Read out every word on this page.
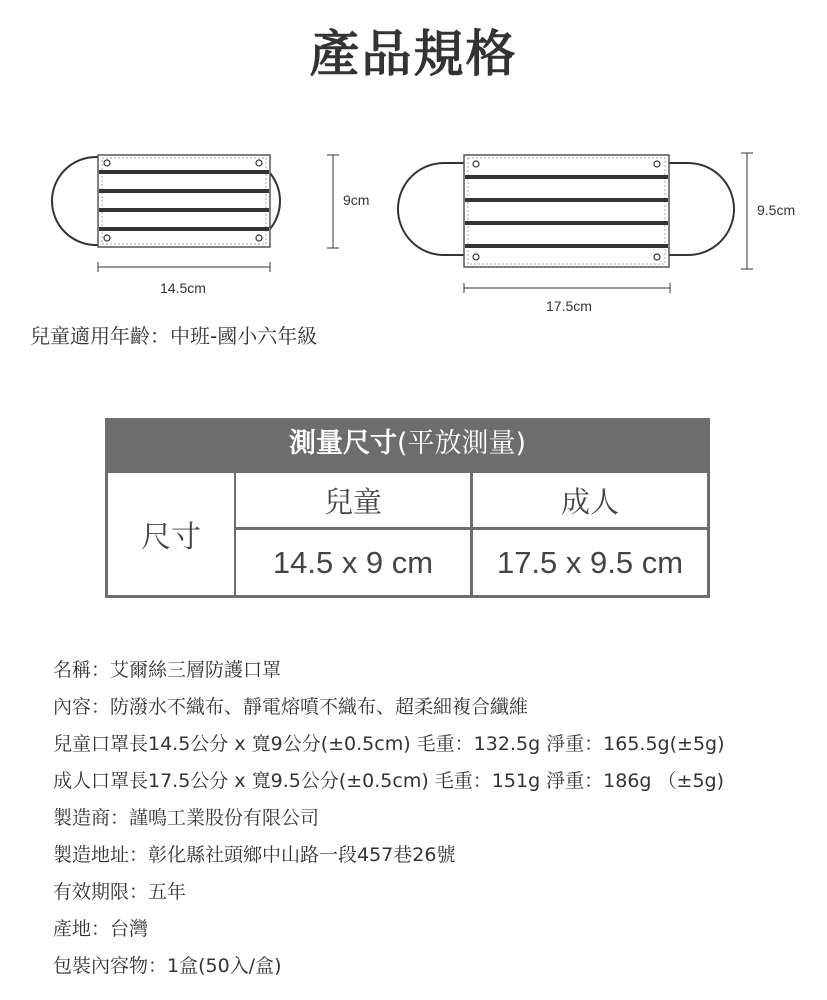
產品規格
9cm
14.5cm
9.5cm
17.5cm
兒童適用年齡：中班-國小六年級
測量尺寸(平放測量)
尺寸
兒童	成人
14.5 x 9 cm 17.5 x 9.5 cm
名稱：艾爾絲三層防護口罩
內容：防潑水不織布、靜電熔噴不織布、超柔細複合纖維
兒童口罩長14.5公分 x 寬9公分(±0.5cm) 毛重：132.5g 淨重：165.5g(±5g)
成人口罩長17.5公分 x 寬9.5公分(±0.5cm) 毛重：151g 淨重：186g （±5g)
製造商：謹鳴工業股份有限公司
製造地址：彰化縣社頭鄉中山路一段457巷26號
有效期限：五年
產地：台灣
包裝內容物：1盒(50入/盒)
